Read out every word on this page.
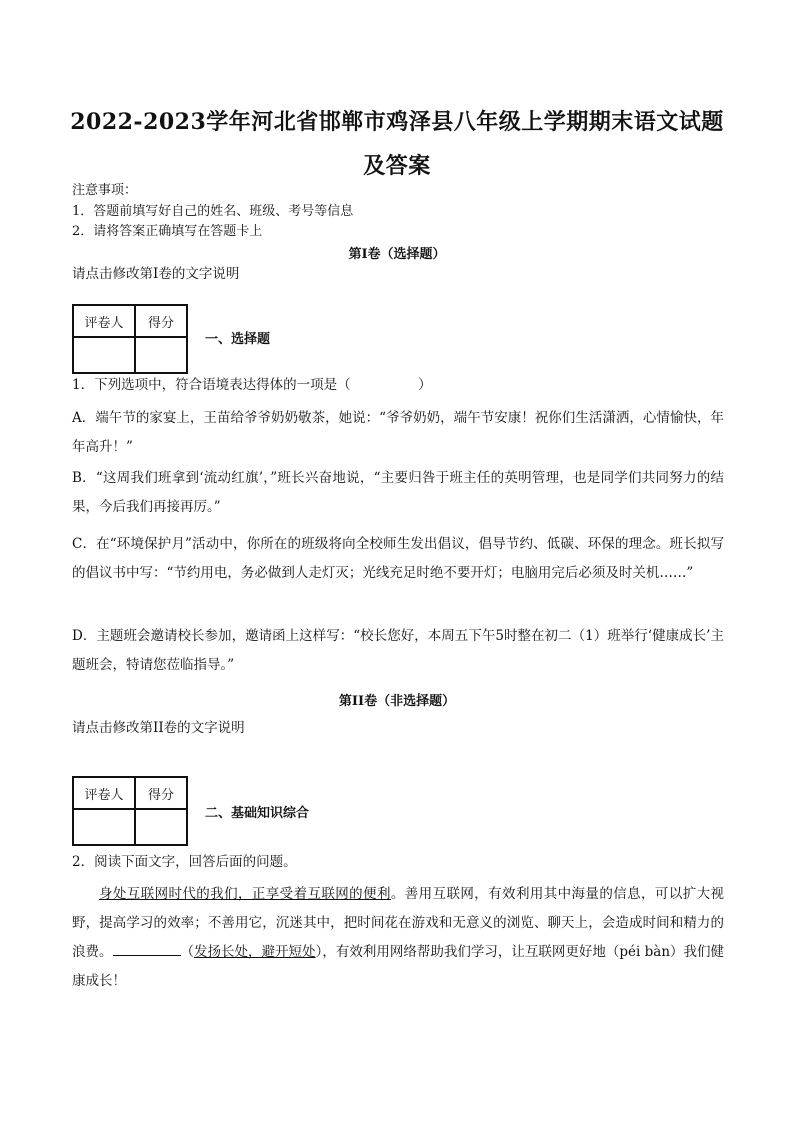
2022-2023学年河北省邯郸市鸡泽县八年级上学期期末语文试题及答案
注意事项：
1．答题前填写好自己的姓名、班级、考号等信息
2．请将答案正确填写在答题卡上
第I卷（选择题）
请点击修改第I卷的文字说明
评卷人	得分

一、选择题
1．下列选项中，符合语境表达得体的一项是（　　　　　）
A．端午节的家宴上，王苗给爷爷奶奶敬茶，她说：“爷爷奶奶，端午节安康！祝你们生活潇洒，心情愉快，年年高升！”
B．“这周我们班拿到‘流动红旗’，”班长兴奋地说，“主要归咎于班主任的英明管理，也是同学们共同努力的结果，今后我们再接再厉。”
C．在“环境保护月”活动中，你所在的班级将向全校师生发出倡议，倡导节约、低碳、环保的理念。班长拟写的倡议书中写：“节约用电，务必做到人走灯灭；光线充足时绝不要开灯；电脑用完后必须及时关机……”
D．主题班会邀请校长参加，邀请函上这样写：“校长您好，本周五下午5时整在初二（1）班举行‘健康成长’主题班会，特请您莅临指导。”
第II卷（非选择题）
请点击修改第II卷的文字说明
评卷人	得分

二、基础知识综合
2．阅读下面文字，回答后面的问题。
身处互联网时代的我们，正享受着互联网的便利。善用互联网，有效利用其中海量的信息，可以扩大视野，提高学习的效率；不善用它，沉迷其中，把时间花在游戏和无意义的浏览、聊天上，会造成时间和精力的浪费。	（发扬长处，避开短处），有效利用网络帮助我们学习，让互联网更好地（péi bàn）我们健康成长！
